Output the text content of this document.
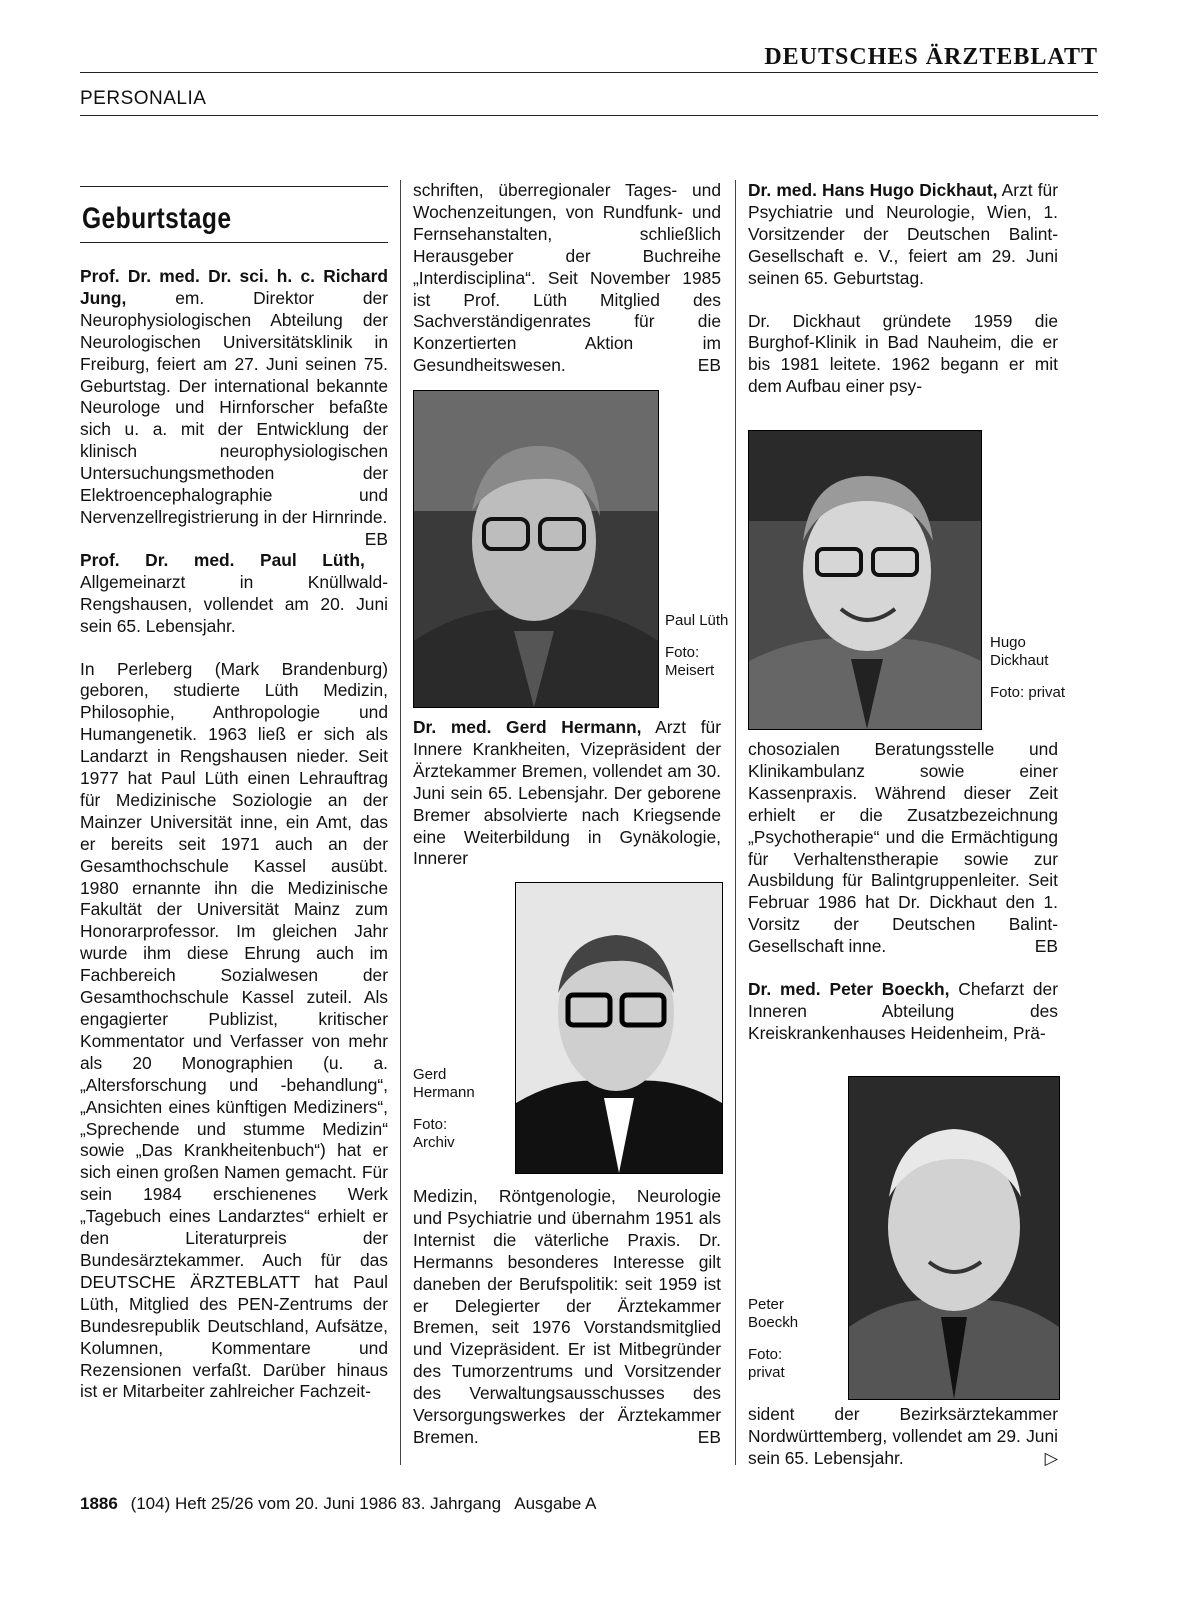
DEUTSCHES ÄRZTEBLATT
PERSONALIA
Geburtstage

Prof. Dr. med. Dr. sci. h. c. Richard Jung, em. Direktor der Neurophysiologischen Abteilung der Neurologischen Universitätsklinik in Freiburg, feiert am 27. Juni seinen 75. Geburtstag. Der international bekannte Neurologe und Hirnforscher befaßte sich u. a. mit der Entwicklung der klinisch neurophysiologischen Untersuchungsmethoden der Elektroencephalographie und Nervenzellregistrierung in der Hirnrinde.
EB

Prof. Dr. med. Paul Lüth, Allgemeinarzt in Knüllwald-Rengshausen, vollendet am 20. Juni sein 65. Lebensjahr.

In Perleberg (Mark Brandenburg) geboren, studierte Lüth Medizin, Philosophie, Anthropologie und Humangenetik. 1963 ließ er sich als Landarzt in Rengshausen nieder. Seit 1977 hat Paul Lüth einen Lehrauftrag für Medizinische Soziologie an der Mainzer Universität inne, ein Amt, das er bereits seit 1971 auch an der Gesamthochschule Kassel ausübt. 1980 ernannte ihn die Medizinische Fakultät der Universität Mainz zum Honorarprofessor. Im gleichen Jahr wurde ihm diese Ehrung auch im Fachbereich Sozialwesen der Gesamthochschule Kassel zuteil. Als engagierter Publizist, kritischer Kommentator und Verfasser von mehr als 20 Monographien (u. a. „Altersforschung und -behandlung“, „Ansichten eines künftigen Mediziners“, „Sprechende und stumme Medizin“ sowie „Das Krankheitenbuch“) hat er sich einen großen Namen gemacht. Für sein 1984 erschienenes Werk „Tagebuch eines Landarztes“ erhielt er den Literaturpreis der Bundesärztekammer. Auch für das DEUTSCHE ÄRZTEBLATT hat Paul Lüth, Mitglied des PEN-Zentrums der Bundesrepublik Deutschland, Aufsätze, Kolumnen, Kommentare und Rezensionen verfaßt. Darüber hinaus ist er Mitarbeiter zahlreicher Fachzeit-

schriften, überregionaler Tages- und Wochenzeitungen, von Rundfunk- und Fernsehanstalten, schließlich Herausgeber der Buchreihe „Interdisciplina“. Seit November 1985 ist Prof. Lüth Mitglied des Sachverständigenrates für die Konzertierten Aktion im Gesundheitswesen.	EB

Paul Lüth

Foto: Meisert

Dr. med. Gerd Hermann, Arzt für Innere Krankheiten, Vizepräsident der Ärztekammer Bremen, vollendet am 30. Juni sein 65. Lebensjahr. Der geborene Bremer absolvierte nach Kriegsende eine Weiterbildung in Gynäkologie, Innerer

Gerd Hermann

Foto: Archiv

Medizin, Röntgenologie, Neurologie und Psychiatrie und übernahm 1951 als Internist die väterliche Praxis. Dr. Hermanns besonderes Interesse gilt daneben der Berufspolitik: seit 1959 ist er Delegierter der Ärztekammer Bremen, seit 1976 Vorstandsmitglied und Vizepräsident. Er ist Mitbegründer des Tumorzentrums und Vorsitzender des Verwaltungsausschusses des Versorgungswerkes der Ärztekammer Bremen.	EB

Dr. med. Hans Hugo Dickhaut, Arzt für Psychiatrie und Neurologie, Wien, 1. Vorsitzender der Deutschen Balint-Gesellschaft e. V., feiert am 29. Juni seinen 65. Geburtstag.

Dr. Dickhaut gründete 1959 die Burghof-Klinik in Bad Nauheim, die er bis 1981 leitete. 1962 begann er mit dem Aufbau einer psy-

Hugo Dickhaut

Foto: privat

chosozialen Beratungsstelle und Klinikambulanz sowie einer Kassenpraxis. Während dieser Zeit erhielt er die Zusatzbezeichnung „Psychotherapie“ und die Ermächtigung für Verhaltenstherapie sowie zur Ausbildung für Balintgruppenleiter. Seit Februar 1986 hat Dr. Dickhaut den 1. Vorsitz der Deutschen Balint-Gesellschaft inne.	EB

Dr. med. Peter Boeckh, Chefarzt der Inneren Abteilung des Kreiskrankenhauses Heidenheim, Prä-

Peter Boeckh

Foto: privat

sident der Bezirksärztekammer Nordwürttemberg, vollendet am 29. Juni sein 65. Lebensjahr.	▷

1886 (104) Heft 25/26 vom 20. Juni 1986 83. Jahrgang   Ausgabe A
